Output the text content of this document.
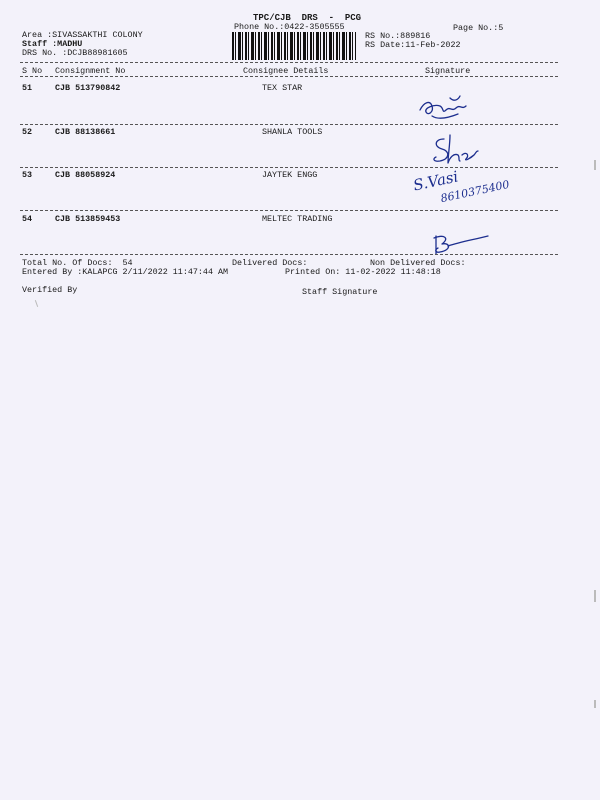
TPC/CJB  DRS  -  PCG
Phone No.:0422-3505555	Page No.:5
Area :SIVASSAKTHI COLONY
Staff :MADHU
DRS No. :DCJB88981605
RS No.:889816
RS Date:11-Feb-2022
S No Consignment No	Consignee Details	Signature
51	CJB 513790842	TEX STAR
52	CJB 88138661	SHANLA TOOLS
53	CJB 88058924	JAYTEK ENGG	S.Vasi
8610375400
54	CJB 513859453	MELTEC TRADING
Total No. Of Docs:  54	Delivered Docs:	Non Delivered Docs:
Entered By :KALAPCG 2/11/2022 11:47:44 AM	Printed On: 11-02-2022 11:48:18
Verified By	Staff Signature
